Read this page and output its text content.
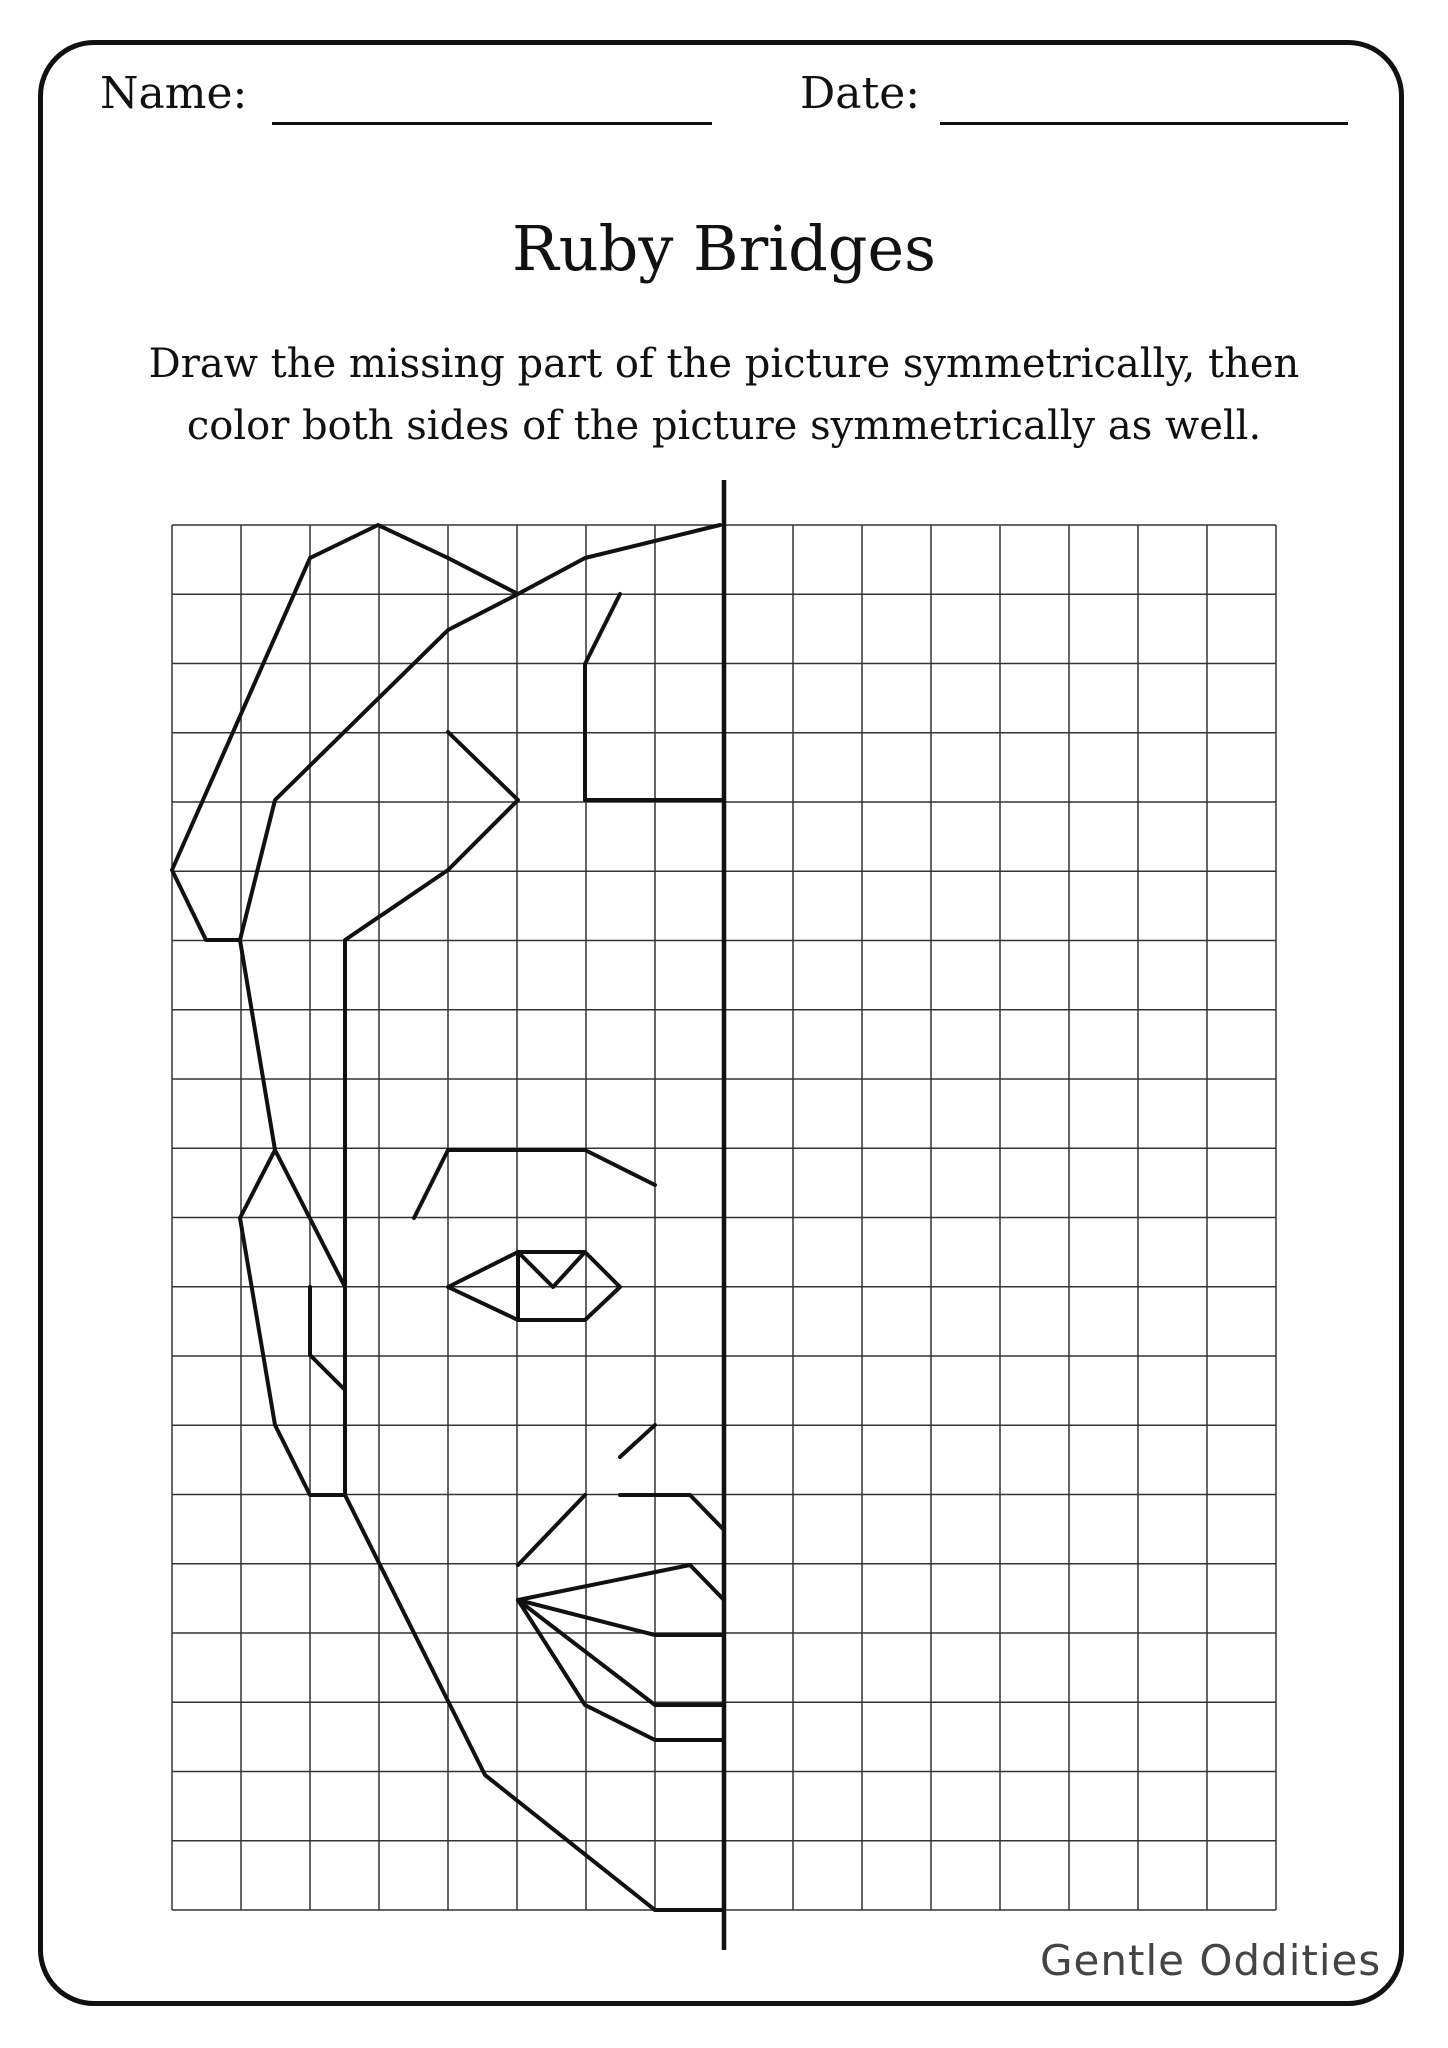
Name:	Date:
Ruby Bridges
Draw the missing part of the picture symmetrically, then
color both sides of the picture symmetrically as well.
Gentle Oddities
